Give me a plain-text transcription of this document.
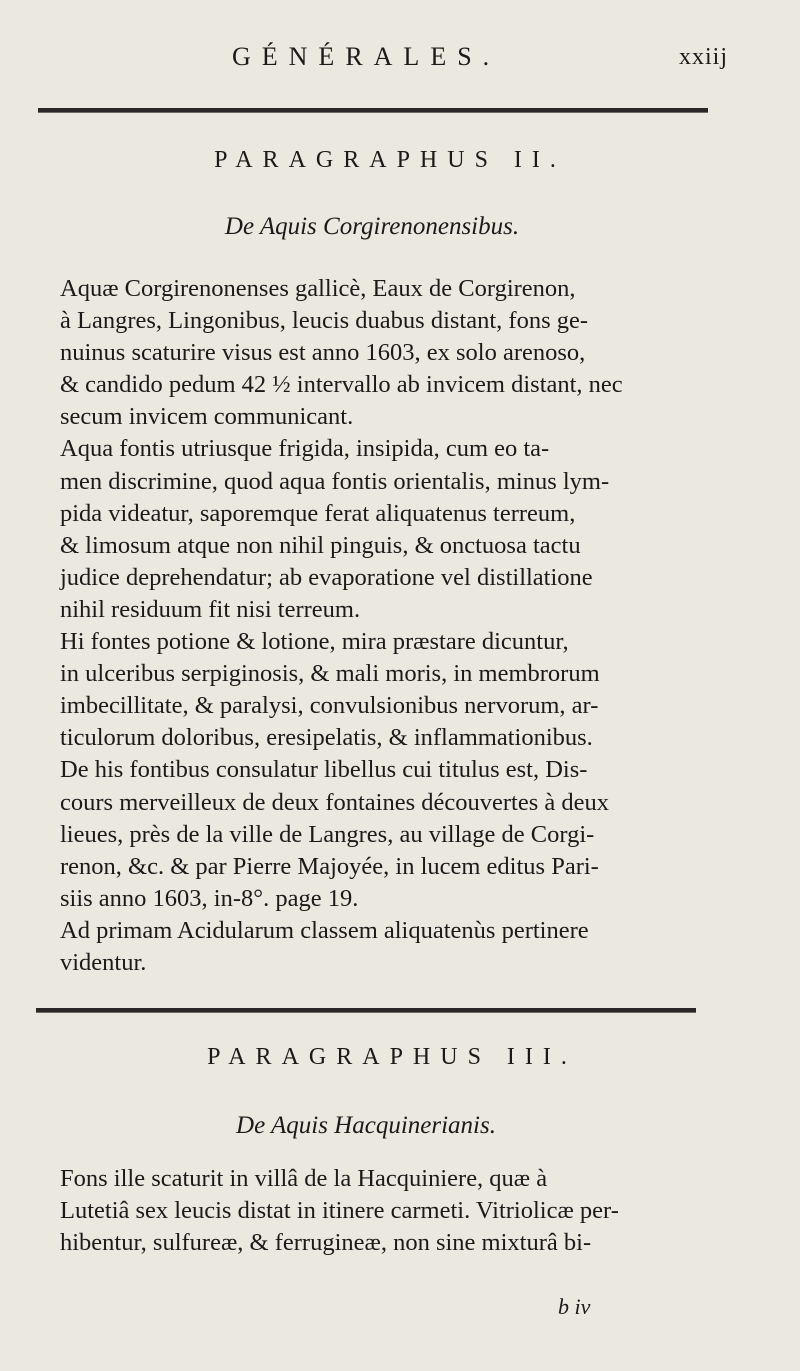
GÉNÉRALES.	xxiij
PARAGRAPHUS II.
De Aquis Corgirenonensibus.
Aquæ Corgirenonenses gallicè, Eaux de Corgirenon,
à Langres, Lingonibus, leucis duabus distant, fons ge-
nuinus scaturire visus est anno 1603, ex solo arenoso,
& candido pedum 42 ½ intervallo ab invicem distant, nec
secum invicem communicant.
Aqua fontis utriusque frigida, insipida, cum eo ta-
men discrimine, quod aqua fontis orientalis, minus lym-
pida videatur, saporemque ferat aliquatenus terreum,
& limosum atque non nihil pinguis, & onctuosa tactu
judice deprehendatur; ab evaporatione vel distillatione
nihil residuum fit nisi terreum.
Hi fontes potione & lotione, mira præstare dicuntur,
in ulceribus serpiginosis, & mali moris, in membrorum
imbecillitate, & paralysi, convulsionibus nervorum, ar-
ticulorum doloribus, eresipelatis, & inflammationibus.
De his fontibus consulatur libellus cui titulus est, Dis-
cours merveilleux de deux fontaines découvertes à deux
lieues, près de la ville de Langres, au village de Corgi-
renon, &c. & par Pierre Majoyée, in lucem editus Pari-
siis anno 1603, in-8°. page 19.
Ad primam Acidularum classem aliquatenùs pertinere
videntur.
PARAGRAPHUS III.
De Aquis Hacquinerianis.
Fons ille scaturit in villâ de la Hacquiniere, quæ à
Lutetiâ sex leucis distat in itinere carmeti. Vitriolicæ per-
hibentur, sulfureæ, & ferrugineæ, non sine mixturâ bi-
b iv
